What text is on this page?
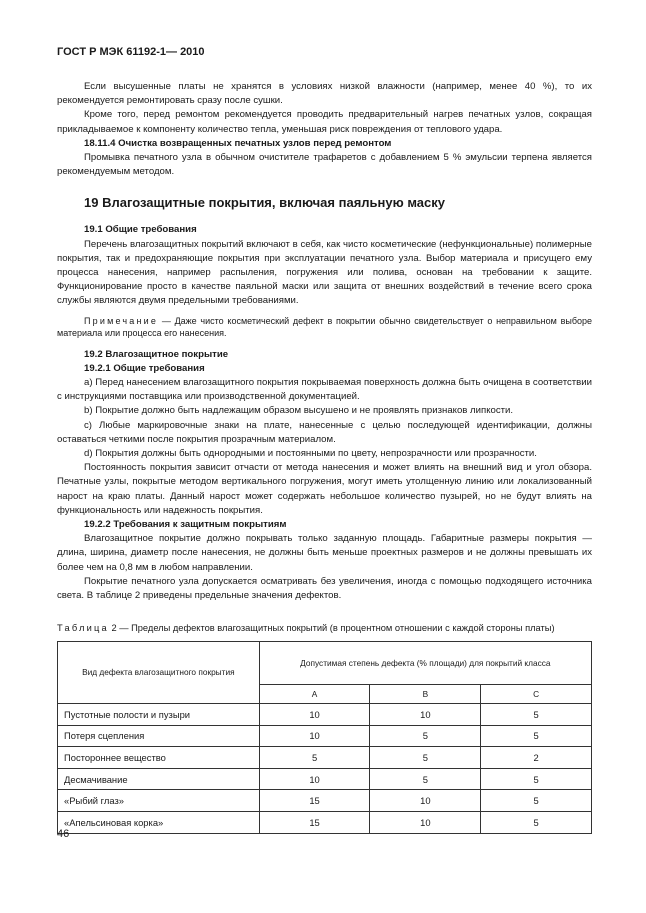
ГОСТ Р МЭК 61192-1— 2010

Если высушенные платы не хранятся в условиях низкой влажности (например, менее 40 %), то их рекомендуется ремонтировать сразу после сушки.

Кроме того, перед ремонтом рекомендуется проводить предварительный нагрев печатных узлов, сокращая прикладываемое к компоненту количество тепла, уменьшая риск повреждения от теплового удара.

18.11.4 Очистка возвращенных печатных узлов перед ремонтом

Промывка печатного узла в обычном очистителе трафаретов с добавлением 5 % эмульсии терпена является рекомендуемым методом.

19 Влагозащитные покрытия, включая паяльную маску

19.1 Общие требования

Перечень влагозащитных покрытий включают в себя, как чисто косметические (нефункциональные) полимерные покрытия, так и предохраняющие покрытия при эксплуатации печатного узла. Выбор материала и присущего ему процесса нанесения, например распыления, погружения или полива, основан на требовании к защите. Функционирование просто в качестве паяльной маски или защита от внешних воздействий в течение всего срока службы являются двумя предельными требованиями.

Примечание — Даже чисто косметический дефект в покрытии обычно свидетельствует о неправильном выборе материала или процесса его нанесения.

19.2 Влагозащитное покрытие

19.2.1 Общие требования

а) Перед нанесением влагозащитного покрытия покрываемая поверхность должна быть очищена в соответствии с инструкциями поставщика или производственной документацией.

b) Покрытие должно быть надлежащим образом высушено и не проявлять признаков липкости.

с) Любые маркировочные знаки на плате, нанесенные с целью последующей идентификации, должны оставаться четкими после покрытия прозрачным материалом.

d) Покрытия должны быть однородными и постоянными по цвету, непрозрачности или прозрачности.

Постоянность покрытия зависит отчасти от метода нанесения и может влиять на внешний вид и угол обзора. Печатные узлы, покрытые методом вертикального погружения, могут иметь утолщенную линию или локализованный нарост на краю платы. Данный нарост может содержать небольшое количество пузырей, но не будут влиять на функциональность или надежность покрытия.

19.2.2 Требования к защитным покрытиям

Влагозащитное покрытие должно покрывать только заданную площадь. Габаритные размеры покрытия — длина, ширина, диаметр после нанесения, не должны быть меньше проектных размеров и не должны превышать их более чем на 0,8 мм в любом направлении.

Покрытие печатного узла допускается осматривать без увеличения, иногда с помощью подходящего источника света. В таблице 2 приведены предельные значения дефектов.

Таблица 2 — Пределы дефектов влагозащитных покрытий (в процентном отношении с каждой стороны платы)
Вид дефекта влагозащитного покрытия	Допустимая степень дефекта (% площади) для покрытий класса		
	А	В	С
Пустотные полости и пузыри	10	10	5
Потеря сцепления	10	5	5
Постороннее вещество	5	5	2
Десмачивание	10	5	5
«Рыбий глаз»	15	10	5
«Апельсиновая корка»	15	10	5
46
